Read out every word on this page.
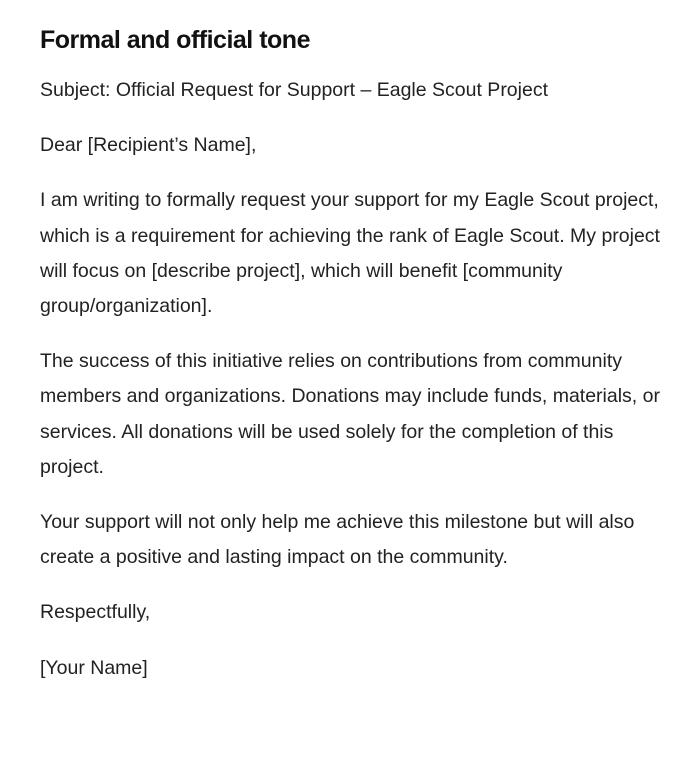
Formal and official tone

Subject: Official Request for Support – Eagle Scout Project

Dear [Recipient’s Name],

I am writing to formally request your support for my Eagle Scout project, which is a requirement for achieving the rank of Eagle Scout. My project will focus on [describe project], which will benefit [community group/organization].

The success of this initiative relies on contributions from community members and organizations. Donations may include funds, materials, or services. All donations will be used solely for the completion of this project.

Your support will not only help me achieve this milestone but will also create a positive and lasting impact on the community.

Respectfully,

[Your Name]
